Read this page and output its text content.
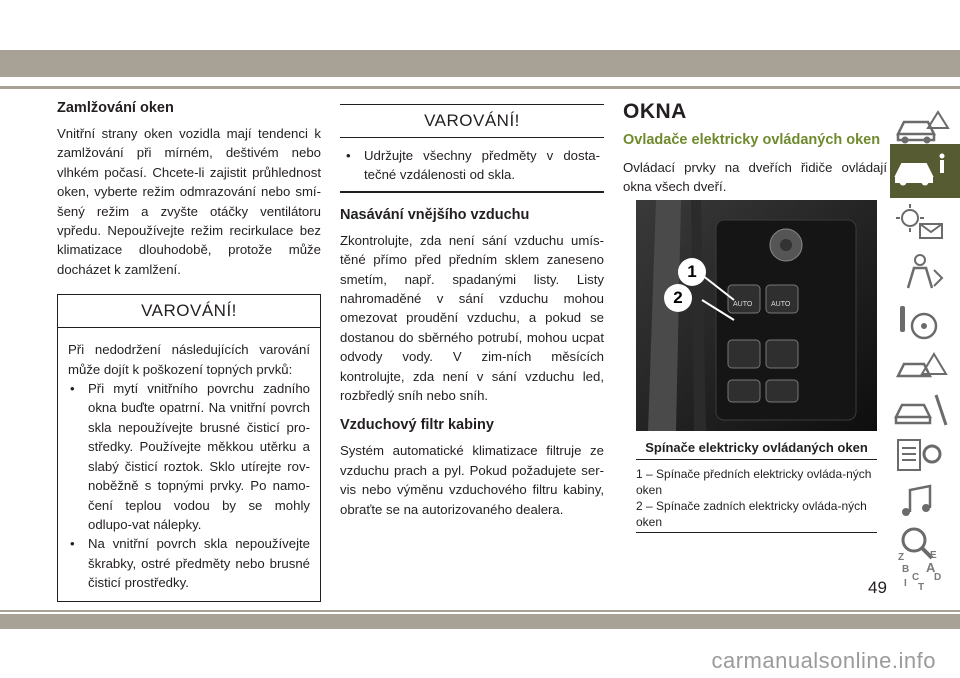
Zamlžování oken

Vnitřní strany oken vozidla mají tendenci k zamlžování při mírném, deštivém nebo vlhkém počasí. Chcete-li zajistit průhlednost oken, vyberte režim odmrazování nebo smí-šený režim a zvyšte otáčky ventilátoru vpředu. Nepoužívejte režim recirkulace bez klimatizace dlouhodobě, protože může docházet k zamlžení.

VAROVÁNÍ!
Při nedodržení následujících varování může dojít k poškození topných prvků:
• Při mytí vnitřního povrchu zadního okna buďte opatrní. Na vnitřní povrch skla nepoužívejte brusné čisticí pro-středky. Používejte měkkou utěrku a slabý čisticí roztok. Sklo utírejte rov-noběžně s topnými prvky. Po namo-čení teplou vodou by se mohly odlupo-vat nálepky.
• Na vnitřní povrch skla nepoužívejte škrabky, ostré předměty nebo brusné čisticí prostředky.
VAROVÁNÍ!
• Udržujte všechny předměty v dosta-tečné vzdálenosti od skla.
Nasávání vnějšího vzduchu

Zkontrolujte, zda není sání vzduchu umís-těné přímo před předním sklem zaneseno smetím, např. spadanými listy. Listy nahromaděné v sání vzduchu mohou omezovat proudění vzduchu, a pokud se dostanou do sběrného potrubí, mohou ucpat odvody vody. V zim-ních měsících kontrolujte, zda není v sání vzduchu led, rozbředlý sníh nebo sníh.

Vzduchový filtr kabiny

Systém automatické klimatizace filtruje ze vzduchu prach a pyl. Pokud požadujete ser-vis nebo výměnu vzduchového filtru kabiny, obraťte se na autorizovaného dealera.

OKNA
Ovladače elektricky ovládaných oken

Ovládací prvky na dveřích řidiče ovládají okna všech dveří.

1
2	AUTO	AUTO
Spínače elektricky ovládaných oken
1 – Spínače předních elektricky ovláda-ných oken
2 – Spínače zadních elektricky ovláda-ných oken
Z	E
B A
C D
I T
49
carmanualsonline.info
